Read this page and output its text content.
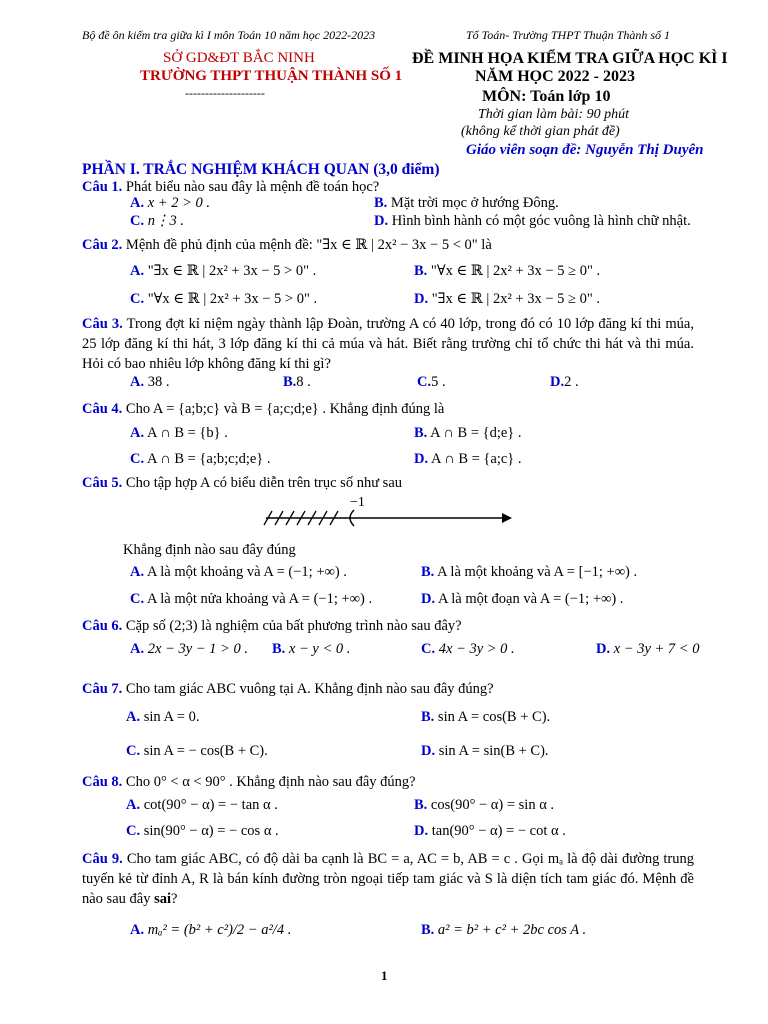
Bộ đề ôn kiểm tra giữa kì I môn Toán 10 năm học 2022-2023	Tổ Toán- Trường THPT Thuận Thành số 1
SỞ GD&ĐT BẮC NINH
TRƯỜNG THPT THUẬN THÀNH SỐ 1
--------------------
ĐỀ MINH HỌA KIỂM TRA GIỮA HỌC KÌ I
NĂM HỌC 2022 - 2023
MÔN: Toán lớp 10
Thời gian làm bài: 90 phút
(không kể thời gian phát đề)
Giáo viên soạn đề: Nguyễn Thị Duyên
PHẦN I. TRẮC NGHIỆM KHÁCH QUAN (3,0 điểm)
Câu 1. Phát biểu nào sau đây là mệnh đề toán học?
A. x + 2 > 0 .	B. Mặt trời mọc ở hướng Đông.
C. n⋮3 .	D. Hình bình hành có một góc vuông là hình chữ nhật.
Câu 2. Mệnh đề phủ định của mệnh đề: "∃x ∈ ℝ | 2x² − 3x − 5 < 0" là
A. "∃x ∈ ℝ | 2x² + 3x − 5 > 0" .	B. "∀x ∈ ℝ | 2x² + 3x − 5 ≥ 0" .
C. "∀x ∈ ℝ | 2x² + 3x − 5 > 0" .	D. "∃x ∈ ℝ | 2x² + 3x − 5 ≥ 0" .
Câu 3. Trong đợt kỉ niệm ngày thành lập Đoàn, trường A có 40 lớp, trong đó có 10 lớp đăng kí thi múa, 25 lớp đăng kí thi hát, 3 lớp đăng kí thi cả múa và hát. Biết rằng trường chỉ tổ chức thi hát và thi múa. Hỏi có bao nhiêu lớp không đăng kí thi gì?
A. 38 .	B.8 .	C.5 .	D.2 .
Câu 4. Cho A = {a;b;c} và B = {a;c;d;e} . Khẳng định đúng là
A. A ∩ B = {b} .	B. A ∩ B = {d;e} .
C. A ∩ B = {a;b;c;d;e} .	D. A ∩ B = {a;c} .
Câu 5. Cho tập hợp A có biểu diễn trên trục số như sau
−1
Khẳng định nào sau đây đúng
A. A là một khoảng và A = (−1; +∞) .	B. A là một khoảng và A = [−1; +∞) .
C. A là một nửa khoảng và A = (−1; +∞) .	D. A là một đoạn và A = (−1; +∞) .
Câu 6. Cặp số (2;3) là nghiệm của bất phương trình nào sau đây?
A. 2x − 3y − 1 > 0 . B. x − y < 0 .	C. 4x − 3y > 0 .	D. x − 3y + 7 < 0
Câu 7. Cho tam giác ABC vuông tại A. Khẳng định nào sau đây đúng?
A. sin A = 0.	B. sin A = cos(B + C).
C. sin A = − cos(B + C).	D. sin A = sin(B + C).
Câu 8. Cho 0° < α < 90° . Khẳng định nào sau đây đúng?
A. cot(90° − α) = − tan α .	B. cos(90° − α) = sin α .
C. sin(90° − α) = − cos α .	D. tan(90° − α) = − cot α .
Câu 9. Cho tam giác ABC, có độ dài ba cạnh là BC = a, AC = b, AB = c . Gọi mₐ là độ dài đường trung tuyến kẻ từ đỉnh A, R là bán kính đường tròn ngoại tiếp tam giác và S là diện tích tam giác đó. Mệnh đề nào sau đây sai?
A. mₐ² = (b² + c²)/2 − a²/4 .	B. a² = b² + c² + 2bc cos A .
1
